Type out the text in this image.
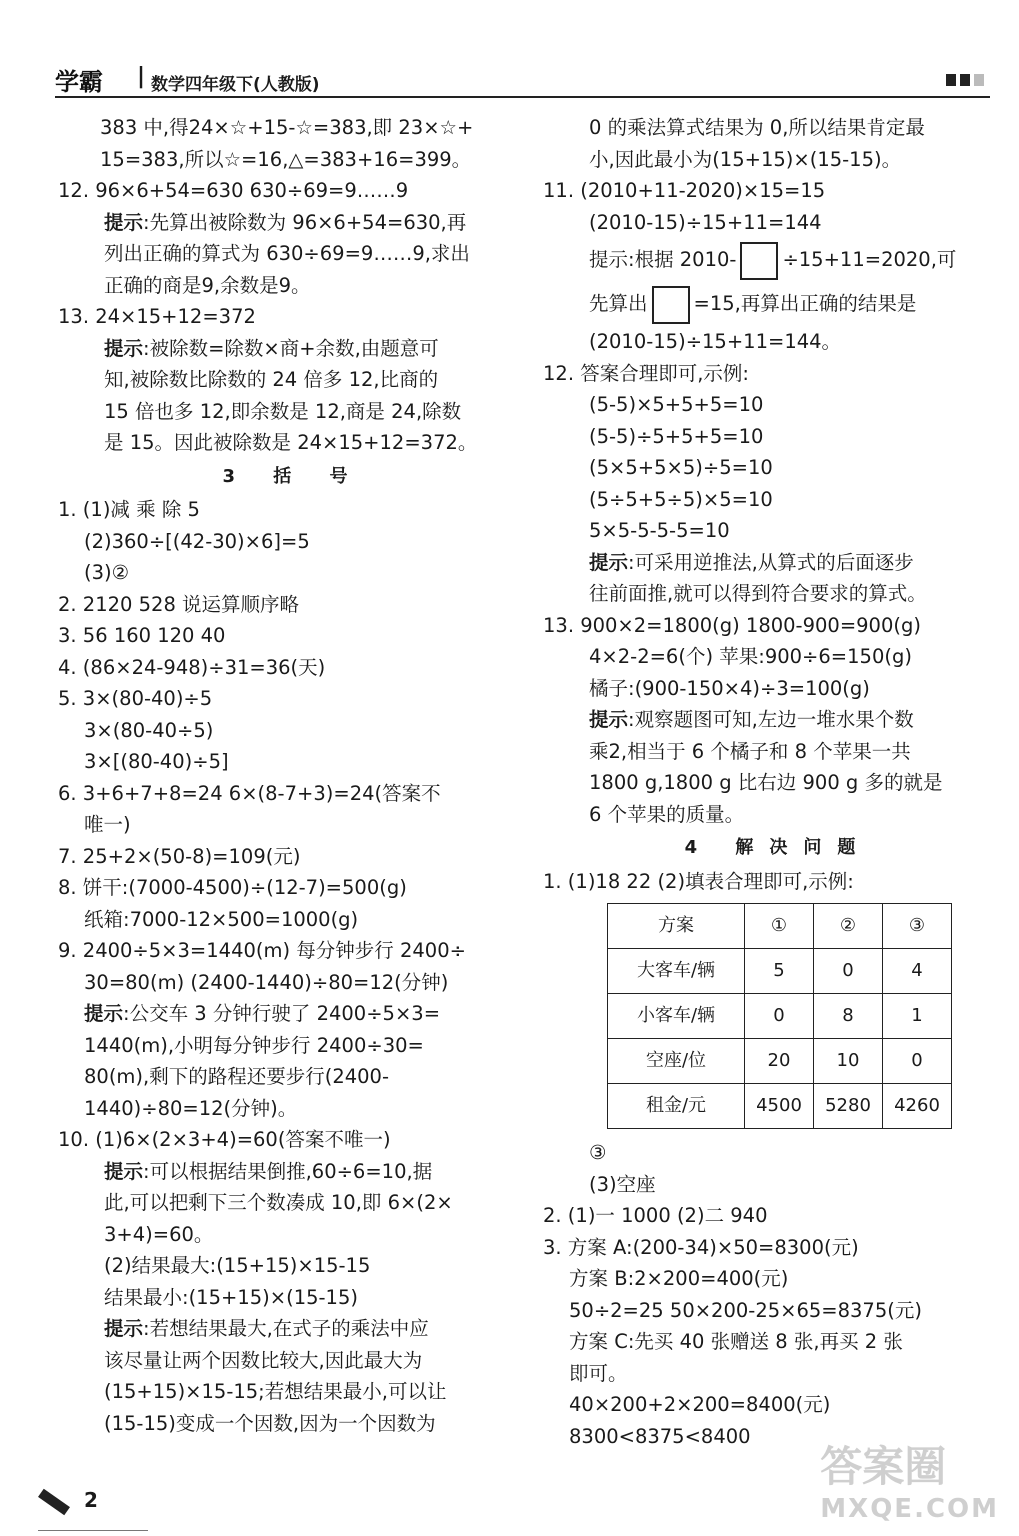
学霸 | 数学四年级下(人教版)
383 中,得24×☆+15-☆=383,即 23×☆+
15=383,所以☆=16,△=383+16=399。
12. 96×6+54=630 630÷69=9……9
提示:先算出被除数为 96×6+54=630,再
列出正确的算式为 630÷69=9……9,求出
正确的商是9,余数是9。
13. 24×15+12=372
提示:被除数=除数×商+余数,由题意可
知,被除数比除数的 24 倍多 12,比商的
15 倍也多 12,即余数是 12,商是 24,除数
是 15。因此被除数是 24×15+12=372。
3 括 号
1. (1)减 乘 除 5
(2)360÷[(42-30)×6]=5
(3)②
2. 2120 528 说运算顺序略
3. 56 160 120 40
4. (86×24-948)÷31=36(天)
5. 3×(80-40)÷5
3×(80-40÷5)
3×[(80-40)÷5]
6. 3+6+7+8=24 6×(8-7+3)=24(答案不
唯一)
7. 25+2×(50-8)=109(元)
8. 饼干:(7000-4500)÷(12-7)=500(g)
纸箱:7000-12×500=1000(g)
9. 2400÷5×3=1440(m) 每分钟步行 2400÷
30=80(m) (2400-1440)÷80=12(分钟)
提示:公交车 3 分钟行驶了 2400÷5×3=
1440(m),小明每分钟步行 2400÷30=
80(m),剩下的路程还要步行(2400-
1440)÷80=12(分钟)。
10. (1)6×(2×3+4)=60(答案不唯一)
提示:可以根据结果倒推,60÷6=10,据
此,可以把剩下三个数凑成 10,即 6×(2×
3+4)=60。
(2)结果最大:(15+15)×15-15
结果最小:(15+15)×(15-15)
提示:若想结果最大,在式子的乘法中应
该尽量让两个因数比较大,因此最大为
(15+15)×15-15;若想结果最小,可以让
(15-15)变成一个因数,因为一个因数为
0 的乘法算式结果为 0,所以结果肯定最
小,因此最小为(15+15)×(15-15)。
11. (2010+11-2020)×15=15
(2010-15)÷15+11=144
提示:根据 2010- ÷15+11=2020,可
先算出 =15,再算出正确的结果是
(2010-15)÷15+11=144。
12. 答案合理即可,示例:
(5-5)×5+5+5=10
(5-5)÷5+5+5=10
(5×5+5×5)÷5=10
(5÷5+5÷5)×5=10
5×5-5-5-5=10
提示:可采用逆推法,从算式的后面逐步
往前面推,就可以得到符合要求的算式。
13. 900×2=1800(g) 1800-900=900(g)
4×2-2=6(个) 苹果:900÷6=150(g)
橘子:(900-150×4)÷3=100(g)
提示:观察题图可知,左边一堆水果个数
乘2,相当于 6 个橘子和 8 个苹果一共
1800 g,1800 g 比右边 900 g 多的就是
6 个苹果的质量。
4 解决问题
1. (1)18 22 (2)填表合理即可,示例:
方案	①	②	③
大客车/辆	5	0	4
小客车/辆	0	8	1
空座/位	20	10	0
租金/元	4500	5280	4260
③
(3)空座
2. (1)一 1000 (2)二 940
3. 方案 A:(200-34)×50=8300(元)
方案 B:2×200=400(元)
50÷2=25 50×200-25×65=8375(元)
方案 C:先买 40 张赠送 8 张,再买 2 张
即可。
40×200+2×200=8400(元)
8300<8375<8400
2
答案圈
MXQE.COM
